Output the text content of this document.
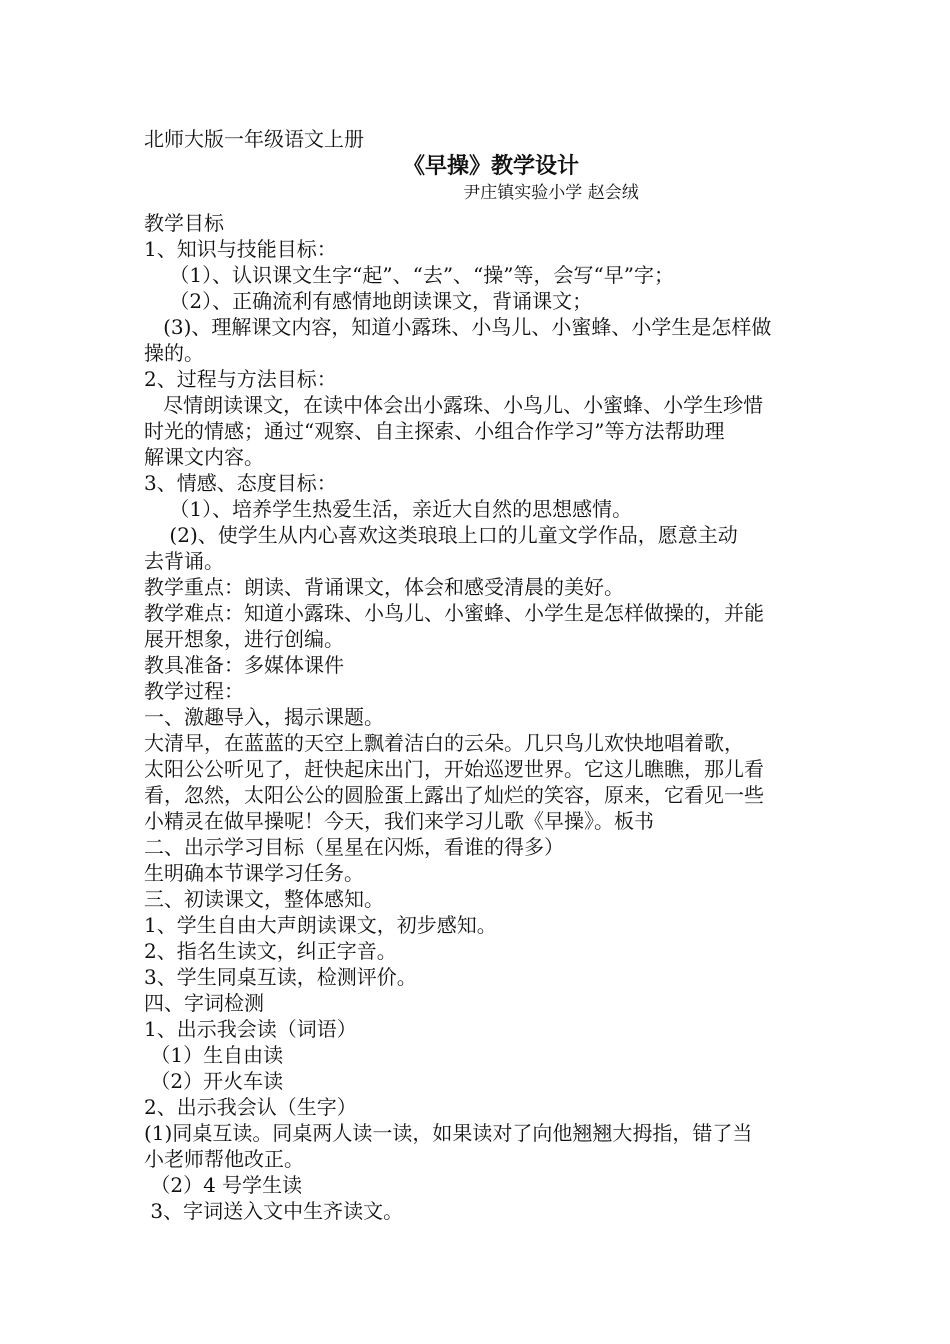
北师大版一年级语文上册

《早操》教学设计

尹庄镇实验小学 赵会绒

教学目标

1、知识与技能目标：

（1）、认识课文生字“起”、“去”、“操”等，会写“早”字；

（2）、正确流利有感情地朗读课文，背诵课文；

(3)、理解课文内容，知道小露珠、小鸟儿、小蜜蜂、小学生是怎样做

操的。

2、过程与方法目标：

尽情朗读课文，在读中体会出小露珠、小鸟儿、小蜜蜂、小学生珍惜

时光的情感；通过“观察、自主探索、小组合作学习”等方法帮助理

解课文内容。

3、情感、态度目标：

（1）、培养学生热爱生活，亲近大自然的思想感情。

(2)、使学生从内心喜欢这类琅琅上口的儿童文学作品，愿意主动

去背诵。

教学重点：朗读、背诵课文，体会和感受清晨的美好。

教学难点：知道小露珠、小鸟儿、小蜜蜂、小学生是怎样做操的，并能

展开想象，进行创编。

教具准备：多媒体课件

教学过程：

一、激趣导入，揭示课题。

大清早，在蓝蓝的天空上飘着洁白的云朵。几只鸟儿欢快地唱着歌，

太阳公公听见了，赶快起床出门，开始巡逻世界。它这儿瞧瞧，那儿看

看，忽然，太阳公公的圆脸蛋上露出了灿烂的笑容，原来，它看见一些

小精灵在做早操呢！今天，我们来学习儿歌《早操》。板书

二、出示学习目标（星星在闪烁，看谁的得多）

生明确本节课学习任务。

三、初读课文，整体感知。

1、学生自由大声朗读课文，初步感知。

2、指名生读文，纠正字音。

3、学生同桌互读，检测评价。

四、字词检测

1、出示我会读（词语）

（1）生自由读

（2）开火车读

2、出示我会认（生字）

(1)同桌互读。同桌两人读一读，如果读对了向他翘翘大拇指，错了当

小老师帮他改正。

（2）4 号学生读

3、字词送入文中生齐读文。
